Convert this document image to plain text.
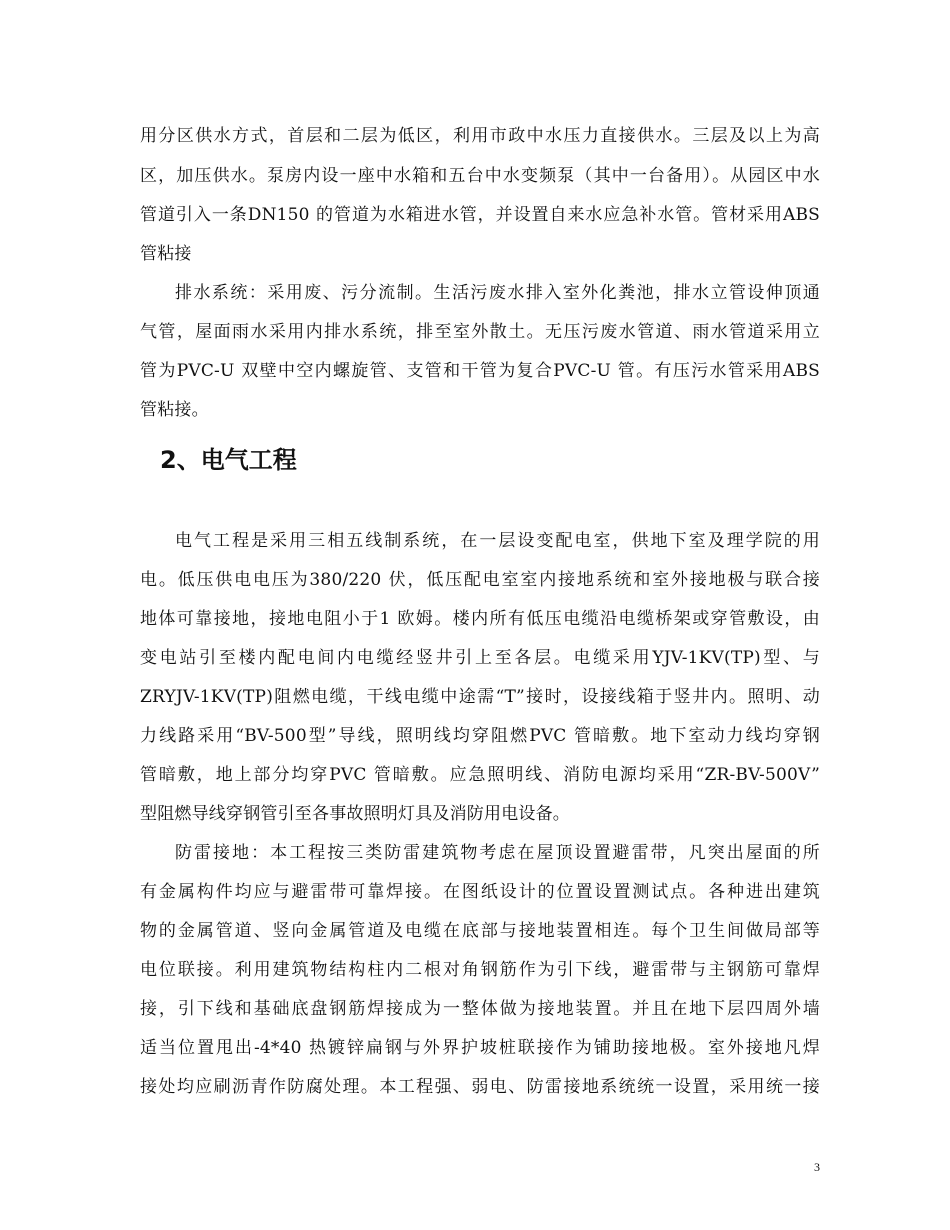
用分区供水方式，首层和二层为低区，利用市政中水压力直接供水。三层及以上为高
区，加压供水。泵房内设一座中水箱和五台中水变频泵（其中一台备用）。从园区中水
管道引入一条DN150 的管道为水箱进水管，并设置自来水应急补水管。管材采用ABS
管粘接
排水系统：采用废、污分流制。生活污废水排入室外化粪池，排水立管设伸顶通
气管，屋面雨水采用内排水系统，排至室外散土。无压污废水管道、雨水管道采用立
管为PVC-U 双壁中空内螺旋管、支管和干管为复合PVC-U 管。有压污水管采用ABS
管粘接。
2、电气工程
电气工程是采用三相五线制系统，在一层设变配电室，供地下室及理学院的用
电。低压供电电压为380/220 伏，低压配电室室内接地系统和室外接地极与联合接
地体可靠接地，接地电阻小于1 欧姆。楼内所有低压电缆沿电缆桥架或穿管敷设，由
变电站引至楼内配电间内电缆经竖井引上至各层。电缆采用YJV-1KV(TP)型、与
ZRYJV-1KV(TP)阻燃电缆，干线电缆中途需“T”接时，设接线箱于竖井内。照明、动
力线路采用“BV-500型”导线，照明线均穿阻燃PVC 管暗敷。地下室动力线均穿钢
管暗敷，地上部分均穿PVC 管暗敷。应急照明线、消防电源均采用“ZR-BV-500V”
型阻燃导线穿钢管引至各事故照明灯具及消防用电设备。
防雷接地：本工程按三类防雷建筑物考虑在屋顶设置避雷带，凡突出屋面的所
有金属构件均应与避雷带可靠焊接。在图纸设计的位置设置测试点。各种进出建筑
物的金属管道、竖向金属管道及电缆在底部与接地装置相连。每个卫生间做局部等
电位联接。利用建筑物结构柱内二根对角钢筋作为引下线，避雷带与主钢筋可靠焊
接，引下线和基础底盘钢筋焊接成为一整体做为接地装置。并且在地下层四周外墙
适当位置甩出-4*40 热镀锌扁钢与外界护坡桩联接作为铺助接地极。室外接地凡焊
接处均应刷沥青作防腐处理。本工程强、弱电、防雷接地系统统一设置，采用统一接
3
